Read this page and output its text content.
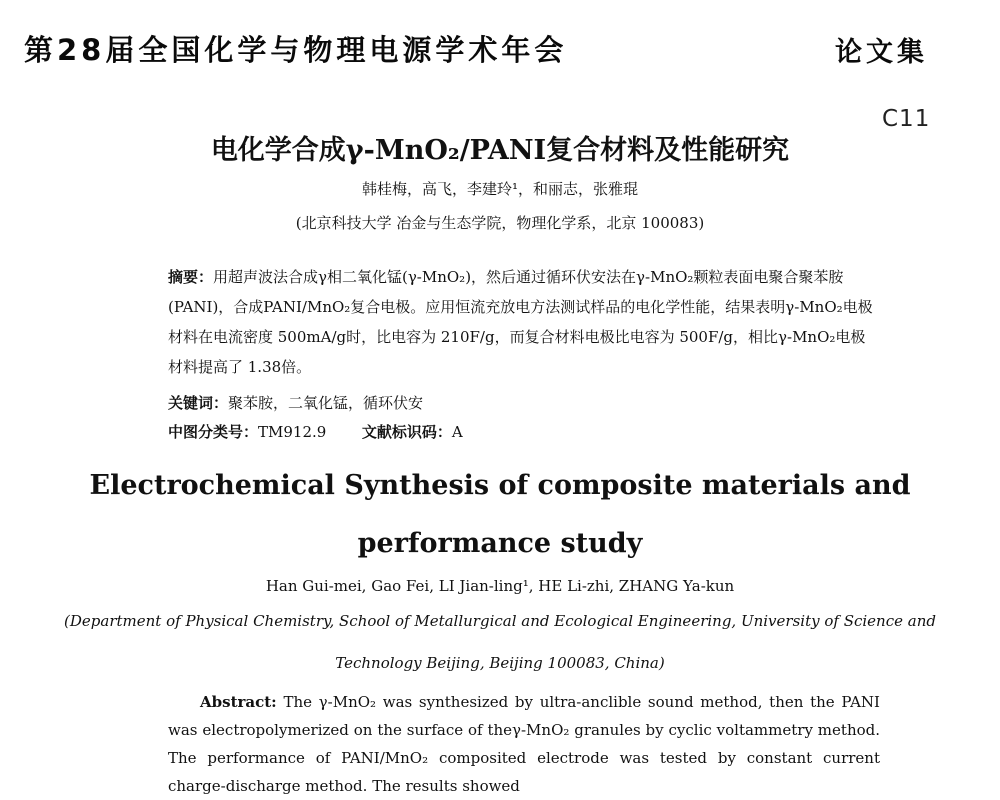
第28届全国化学与物理电源学术年会	论文集
C11
电化学合成γ-MnO₂/PANI复合材料及性能研究
韩桂梅，高飞，李建玲¹，和丽志，张雅琨
(北京科技大学 冶金与生态学院，物理化学系，北京 100083)
摘要：用超声波法合成γ相二氧化锰(γ-MnO₂)，然后通过循环伏安法在γ-MnO₂颗粒表面电聚合聚苯胺(PANI)，合成PANI/MnO₂复合电极。应用恒流充放电方法测试样品的电化学性能，结果表明γ-MnO₂电极材料在电流密度 500mA/g时，比电容为 210F/g，而复合材料电极比电容为 500F/g，相比γ-MnO₂电极材料提高了 1.38倍。
关键词：聚苯胺，二氧化锰，循环伏安
中图分类号：TM912.9 文献标识码：A
Electrochemical Synthesis of composite materials and
performance study
Han Gui-mei, Gao Fei, LI Jian-ling¹, HE Li-zhi, ZHANG Ya-kun
(Department of Physical Chemistry, School of Metallurgical and Ecological Engineering, University of Science and
Technology Beijing, Beijing 100083, China)
Abstract: The γ-MnO₂ was synthesized by ultra-anclible sound method, then the PANI was electropolymerized on the surface of theγ-MnO₂ granules by cyclic voltammetry method. The performance of PANI/MnO₂ composited electrode was tested by constant current charge-discharge method. The results showed
